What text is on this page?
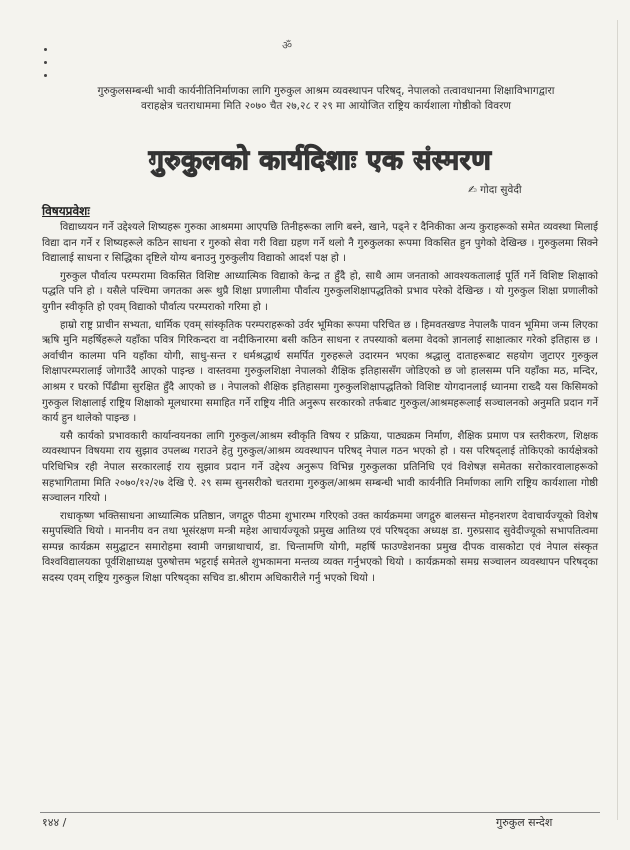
ॐ
गुरुकुलसम्बन्धी भावी कार्यनीतिनिर्माणका लागि गुरुकुल आश्रम व्यवस्थापन परिषद्, नेपालको तत्वावधानमा शिक्षाविभागद्वारा वराहक्षेत्र चतराधाममा मिति २०७० चैत २७,२८ र २९ मा आयोजित राष्ट्रिय कार्यशाला गोष्ठीको विवरण
गुरुकुलको कार्यदिशाः एक संस्मरण
✍ गोदा सुवेदी
विषयप्रवेशः

विद्याध्ययन गर्ने उद्देश्यले शिष्यहरू गुरुका आश्रममा आएपछि तिनीहरूका लागि बस्ने, खाने, पढ्ने र दैनिकीका अन्य कुराहरूको समेत व्यवस्था मिलाई विद्या दान गर्ने र शिष्यहरूले कठिन साधना र गुरुको सेवा गरी विद्या ग्रहण गर्ने थलो नै गुरुकुलका रूपमा विकसित हुन पुगेको देखिन्छ । गुरुकुलमा सिक्ने विद्यालाई साधना र सिद्धिका दृष्टिले योग्य बनाउनु गुरुकुलीय विद्याको आदर्श पक्ष हो ।

गुरुकुल पौर्वात्य परम्परामा विकसित विशिष्ट आध्यात्मिक विद्याको केन्द्र त हुँदै हो, साथै आम जनताको आवश्यकतालाई पूर्ति गर्ने विशिष्ट शिक्षाको पद्धति पनि हो । यसैले पश्चिमा जगतका अरू थुप्रै शिक्षा प्रणालीमा पौर्वात्य गुरुकुलशिक्षापद्धतिको प्रभाव परेको देखिन्छ । यो गुरुकुल शिक्षा प्रणालीको युगीन स्वीकृति हो एवम् विद्याको पौर्वात्य परम्पराको गरिमा हो ।

हाम्रो राष्ट्र प्राचीन सभ्यता, धार्मिक एवम् सांस्कृतिक परम्पराहरूको उर्वर भूमिका रूपमा परिचित छ । हिमवतखण्ड नेपालकै पावन भूमिमा जन्म लिएका ऋषि मुनि महर्षिहरूले यहाँका पवित्र गिरिकन्दरा वा नदीकिनारमा बसी कठिन साधना र तपस्याको बलमा वेदको ज्ञानलाई साक्षात्कार गरेको इतिहास छ । अर्वाचीन कालमा पनि यहाँका योगी, साधु-सन्त र धर्मश्रद्धार्थ समर्पित गुरुहरूले उदारमन भएका श्रद्धालु दाताहरूबाट सहयोग जुटाएर गुरुकुल शिक्षापरम्परालाई जोगाउँदै आएको पाइन्छ । वास्तवमा गुरुकुलशिक्षा नेपालको शैक्षिक इतिहाससँग जोडिएको छ जो हालसम्म पनि यहाँका मठ, मन्दिर, आश्रम र घरको पिँढीमा सुरक्षित हुँदै आएको छ । नेपालको शैक्षिक इतिहासमा गुरुकुलशिक्षापद्धतिको विशिष्ट योगदानलाई ध्यानमा राख्दै यस किसिमको गुरुकुल शिक्षालाई राष्ट्रिय शिक्षाको मूलधारमा समाहित गर्ने राष्ट्रिय नीति अनुरूप सरकारको तर्फबाट गुरुकुल/आश्रमहरूलाई सञ्चालनको अनुमति प्रदान गर्ने कार्य हुन थालेको पाइन्छ ।

यसै कार्यको प्रभावकारी कार्यान्वयनका लागि गुरुकुल/आश्रम स्वीकृति विषय र प्रक्रिया, पाठ्यक्रम निर्माण, शैक्षिक प्रमाण पत्र स्तरीकरण, शिक्षक व्यवस्थापन विषयमा राय सुझाव उपलब्ध गराउने हेतु गुरुकुल/आश्रम व्यवस्थापन परिषद् नेपाल गठन भएको हो । यस परिषद्लाई तोकिएको कार्यक्षेत्रको परिधिभित्र रही नेपाल सरकारलाई राय सुझाव प्रदान गर्ने उद्देश्य अनुरूप विभिन्न गुरुकुलका प्रतिनिधि एवं विशेषज्ञ समेतका सरोकारवालाहरूको सहभागितामा मिति २०७०/१२/२७ देखि ऐ. २९ सम्म सुनसरीको चतरामा गुरुकुल/आश्रम सम्बन्धी भावी कार्यनीति निर्माणका लागि राष्ट्रिय कार्यशाला गोष्ठी सञ्चालन गरियो ।

राधाकृष्ण भक्तिसाधना आध्यात्मिक प्रतिष्ठान, जगद्गुरु पीठमा शुभारम्भ गरिएको उक्त कार्यक्रममा जगद्गुरु बालसन्त मोहनशरण देवाचार्यज्यूको विशेष समुपस्थिति थियो । माननीय वन तथा भूसंरक्षण मन्त्री महेश आचार्यज्यूको प्रमुख आतिथ्य एवं परिषद्का अध्यक्ष डा. गुरुप्रसाद सुवेदीज्यूको सभापतित्वमा सम्पन्न कार्यक्रम समुद्घाटन समारोहमा स्वामी जगन्नाथाचार्य, डा. चिन्तामणि योगी, महर्षि फाउण्डेशनका प्रमुख दीपक वासकोटा एवं नेपाल संस्कृत विश्वविद्यालयका पूर्वशिक्षाध्यक्ष पुरुषोत्तम भट्टराई समेतले शुभकामना मन्तव्य व्यक्त गर्नुभएको थियो । कार्यक्रमको समग्र सञ्चालन व्यवस्थापन परिषद्का सदस्य एवम् राष्ट्रिय गुरुकुल शिक्षा परिषद्का सचिव डा.श्रीराम अधिकारीले गर्नु भएको थियो ।

१४४ /	गुरुकुल सन्देश
